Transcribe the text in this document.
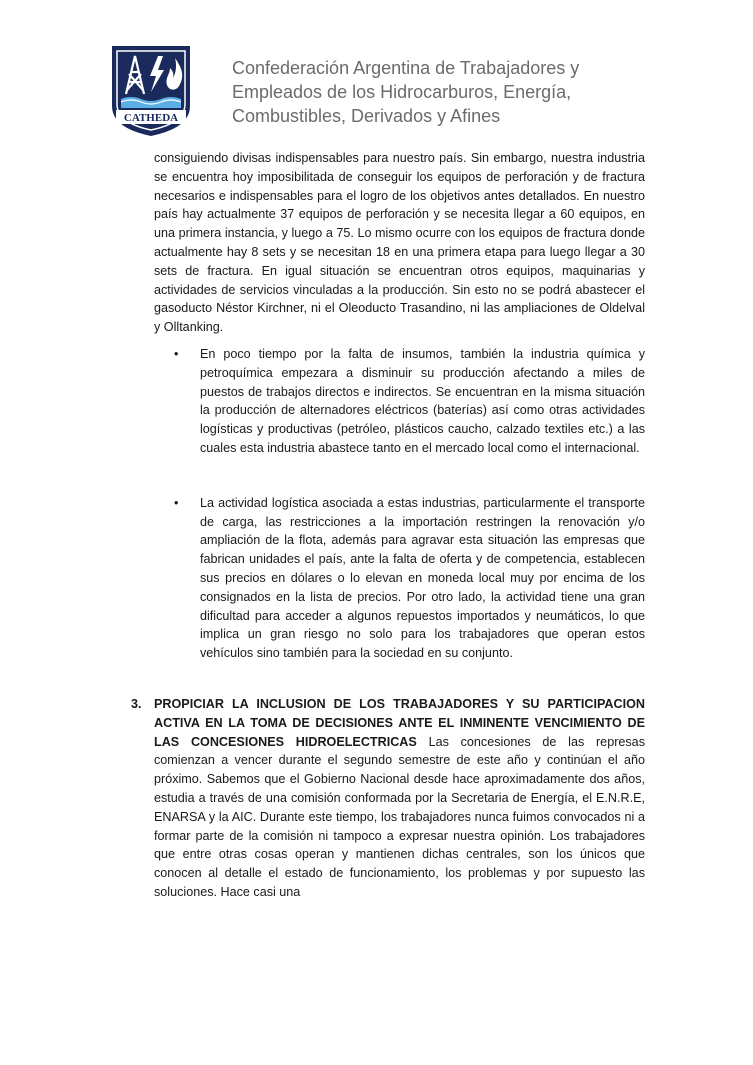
CATHEDA
Confederación Argentina de Trabajadores y
Empleados de los Hidrocarburos, Energía,
Combustibles, Derivados y Afines

consiguiendo divisas indispensables para nuestro país. Sin embargo, nuestra industria se encuentra hoy imposibilitada de conseguir los equipos de perforación y de fractura necesarios e indispensables para el logro de los objetivos antes detallados. En nuestro país hay actualmente 37 equipos de perforación y se necesita llegar a 60 equipos, en una primera instancia, y luego a 75. Lo mismo ocurre con los equipos de fractura donde actualmente hay 8 sets y se necesitan 18 en una primera etapa para luego llegar a 30 sets de fractura. En igual situación se encuentran otros equipos, maquinarias y actividades de servicios vinculadas a la producción. Sin esto no se podrá abastecer el gasoducto Néstor Kirchner, ni el Oleoducto Trasandino, ni las ampliaciones de Oldelval y Olltanking.

• En poco tiempo por la falta de insumos, también la industria química y petroquímica empezara a disminuir su producción afectando a miles de puestos de trabajos directos e indirectos. Se encuentran en la misma situación la producción de alternadores eléctricos (baterías) así como otras actividades logísticas y productivas (petróleo, plásticos caucho, calzado textiles etc.) a las cuales esta industria abastece tanto en el mercado local como el internacional.
• La actividad logística asociada a estas industrias, particularmente el transporte de carga, las restricciones a la importación restringen la renovación y/o ampliación de la flota, además para agravar esta situación las empresas que fabrican unidades el país, ante la falta de oferta y de competencia, establecen sus precios en dólares o lo elevan en moneda local muy por encima de los consignados en la lista de precios. Por otro lado, la actividad tiene una gran dificultad para acceder a algunos repuestos importados y neumáticos, lo que implica un gran riesgo no solo para los trabajadores que operan estos vehículos sino también para la sociedad en su conjunto.
3. PROPICIAR LA INCLUSION DE LOS TRABAJADORES Y SU PARTICIPACION ACTIVA EN LA TOMA DE DECISIONES ANTE EL INMINENTE VENCIMIENTO DE LAS CONCESIONES HIDROELECTRICAS Las concesiones de las represas comienzan a vencer durante el segundo semestre de este año y continúan el año próximo. Sabemos que el Gobierno Nacional desde hace aproximadamente dos años, estudia a través de una comisión conformada por la Secretaria de Energía, el E.N.R.E, ENARSA y la AIC. Durante este tiempo, los trabajadores nunca fuimos convocados ni a formar parte de la comisión ni tampoco a expresar nuestra opinión. Los trabajadores que entre otras cosas operan y mantienen dichas centrales, son los únicos que conocen al detalle el estado de funcionamiento, los problemas y por supuesto las soluciones. Hace casi una
